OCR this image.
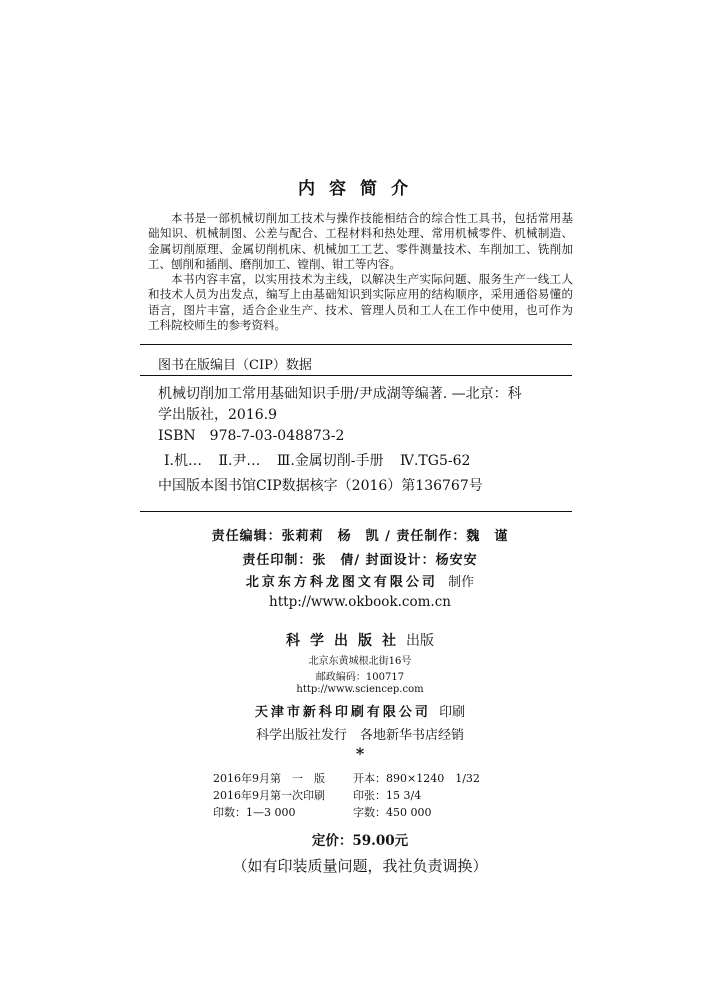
内容简介

本书是一部机械切削加工技术与操作技能相结合的综合性工具书，包括常用基础知识、机械制图、公差与配合、工程材料和热处理、常用机械零件、机械制造、金属切削原理、金属切削机床、机械加工工艺、零件测量技术、车削加工、铣削加工、刨削和插削、磨削加工、镗削、钳工等内容。

本书内容丰富，以实用技术为主线，以解决生产实际问题、服务生产一线工人和技术人员为出发点，编写上由基础知识到实际应用的结构顺序，采用通俗易懂的语言，图片丰富，适合企业生产、技术、管理人员和工人在工作中使用，也可作为工科院校师生的参考资料。

图书在版编目（CIP）数据
机械切削加工常用基础知识手册/尹成湖等编著. —北京：科
学出版社，2016.9
ISBN　978-7-03-048873-2
Ⅰ.机… Ⅱ.尹… Ⅲ.金属切削-手册 Ⅳ.TG5-62
中国版本图书馆CIP数据核字（2016）第136767号
责任编辑：张莉莉　杨　凯 / 责任制作：魏　谨
责任印制：张　倩/ 封面设计：杨安安
北京东方科龙图文有限公司 制作
http://www.okbook.com.cn
科学出版社出版
北京东黄城根北街16号
邮政编码：100717
http://www.sciencep.com
天津市新科印刷有限公司 印刷
科学出版社发行　各地新华书店经销
*
2016年9月第　一　版	开本：890×1240　1/32
2016年9月第一次印刷	印张：15 3/4
印数：1—3 000	字数：450 000
定价：59.00元
（如有印装质量问题，我社负责调换）
